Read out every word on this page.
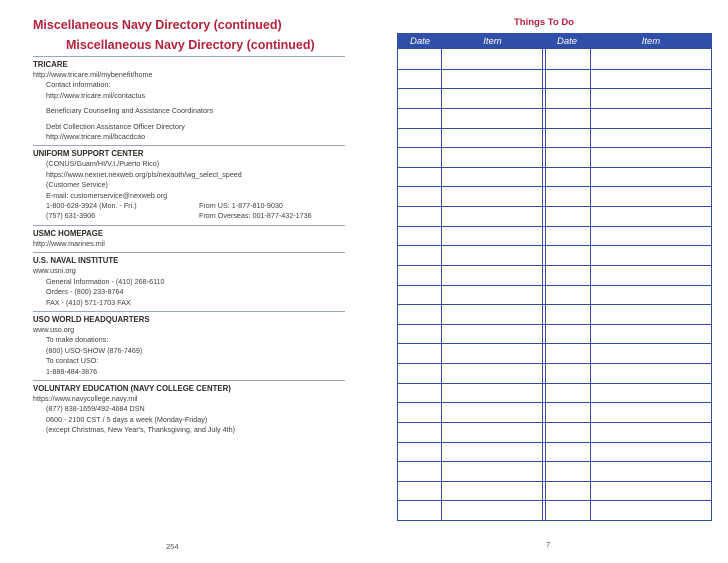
Miscellaneous Navy Directory (continued)
Miscellaneous Navy Directory (continued)
TRICARE
http://www.tricare.mil/mybenefit/home
Contact information:
http://www.tricare.mil/contactus
Beneficiary Counseling and Assistance Coordinators
Debt Collection Assistance Officer Directory
http://www.tricare.mil/bcacdcao
UNIFORM SUPPORT CENTER
(CONUS/Guam/HI/V.I./Puerto Rico)
https://www.nexnet.nexweb.org/pls/nexauth/wg_select_speed
(Customer Service)
E-mail: customerservice@nexweb.org
1-800-628-3924 (Mon. - Fri.)	From US: 1-877-810-9030
(757) 631-3906	From Overseas: 001-877-432-1736
USMC HOMEPAGE
http://www.marines.mil
U.S. NAVAL INSTITUTE
www.usni.org
General Information - (410) 268-6110
Orders - (800) 233-8764
FAX - (410) 571-1703 FAX
USO WORLD HEADQUARTERS
www.uso.org
To make donations:
(800) USO-SHOW (876-7469)
To contact USO:
1-888-484-3876
VOLUNTARY EDUCATION (NAVY COLLEGE CENTER)
https://www.navycollege.navy.mil
(877) 838-1659/492-4684 DSN
0600 - 2100 CST / 5 days a week (Monday-Friday)
(except Christmas, New Year's, Thanksgiving, and July 4th)
254
Things To Do
Date	Item	Date	Item
7
